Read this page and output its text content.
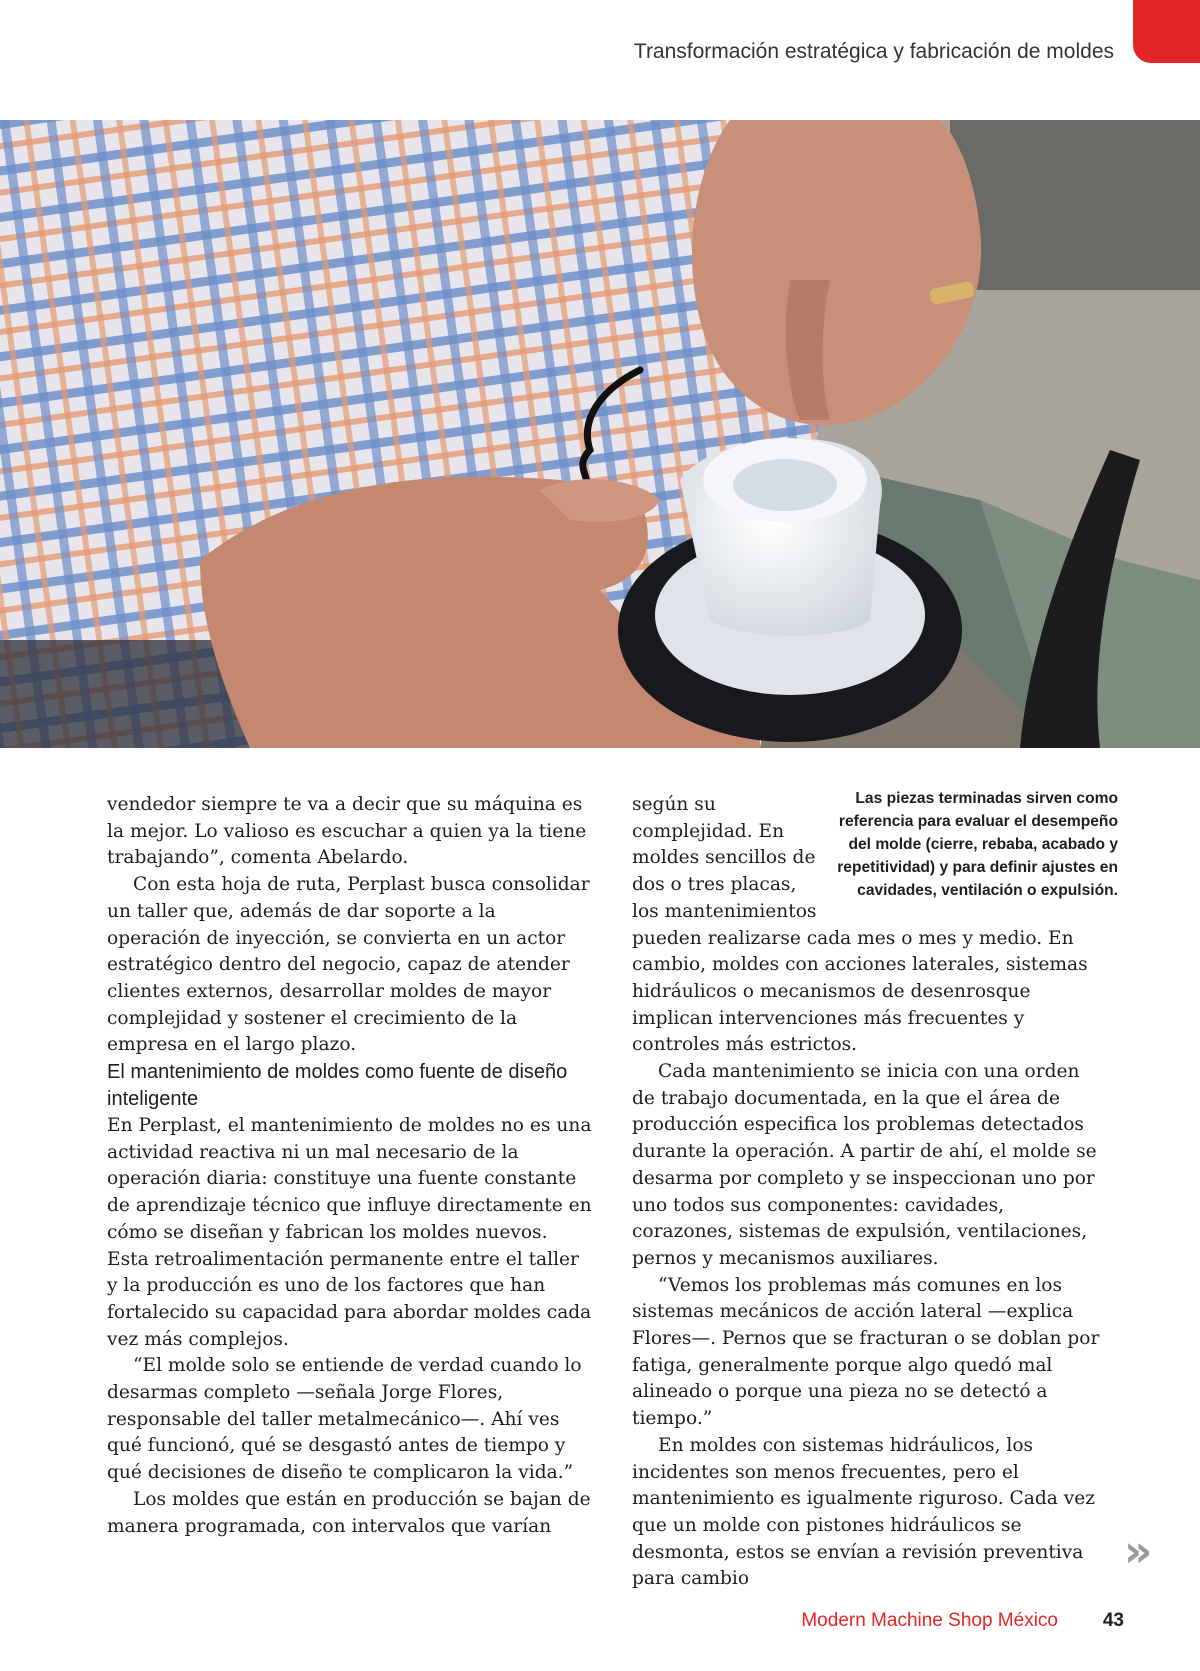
Transformación estratégica y fabricación de moldes

vendedor siempre te va a decir que su máquina es la mejor. Lo valioso es escuchar a quien ya la tiene trabajando”, comenta Abelardo.

Con esta hoja de ruta, Perplast busca consolidar un taller que, además de dar soporte a la operación de inyección, se convierta en un actor estratégico dentro del negocio, capaz de atender clientes externos, desarrollar moldes de mayor complejidad y sostener el crecimiento de la empresa en el largo plazo.

El mantenimiento de moldes como fuente de diseño inteligente

En Perplast, el mantenimiento de moldes no es una actividad reactiva ni un mal necesario de la operación diaria: constituye una fuente constante de aprendizaje técnico que influye directamente en cómo se diseñan y fabrican los moldes nuevos. Esta retroalimentación permanente entre el taller y la producción es uno de los factores que han fortalecido su capacidad para abordar moldes cada vez más complejos.

“El molde solo se entiende de verdad cuando lo desarmas completo —señala Jorge Flores, responsable del taller metalmecánico—. Ahí ves qué funcionó, qué se desgastó antes de tiempo y qué decisiones de diseño te complicaron la vida.”

Los moldes que están en producción se bajan de manera programada, con intervalos que varían

Las piezas terminadas sirven como referencia para evaluar el desempeño del molde (cierre, rebaba, acabado y repetitividad) y para definir ajustes en cavidades, ventilación o expulsión.

según su complejidad. En moldes sencillos de dos o tres placas, los mantenimientos pueden realizarse cada mes o mes y medio. En cambio, moldes con acciones laterales, sistemas hidráulicos o mecanismos de desenrosque implican intervenciones más frecuentes y controles más estrictos.

Cada mantenimiento se inicia con una orden de trabajo documentada, en la que el área de producción especifica los problemas detectados durante la operación. A partir de ahí, el molde se desarma por completo y se inspeccionan uno por uno todos sus componentes: cavidades, corazones, sistemas de expulsión, ventilaciones, pernos y mecanismos auxiliares.

“Vemos los problemas más comunes en los sistemas mecánicos de acción lateral —explica Flores—. Pernos que se fracturan o se doblan por fatiga, generalmente porque algo quedó mal alineado o porque una pieza no se detectó a tiempo.”

En moldes con sistemas hidráulicos, los incidentes son menos frecuentes, pero el mantenimiento es igualmente riguroso. Cada vez que un molde con pistones hidráulicos se desmonta, estos se envían a revisión preventiva para cambio

»
Modern Machine Shop México 43
